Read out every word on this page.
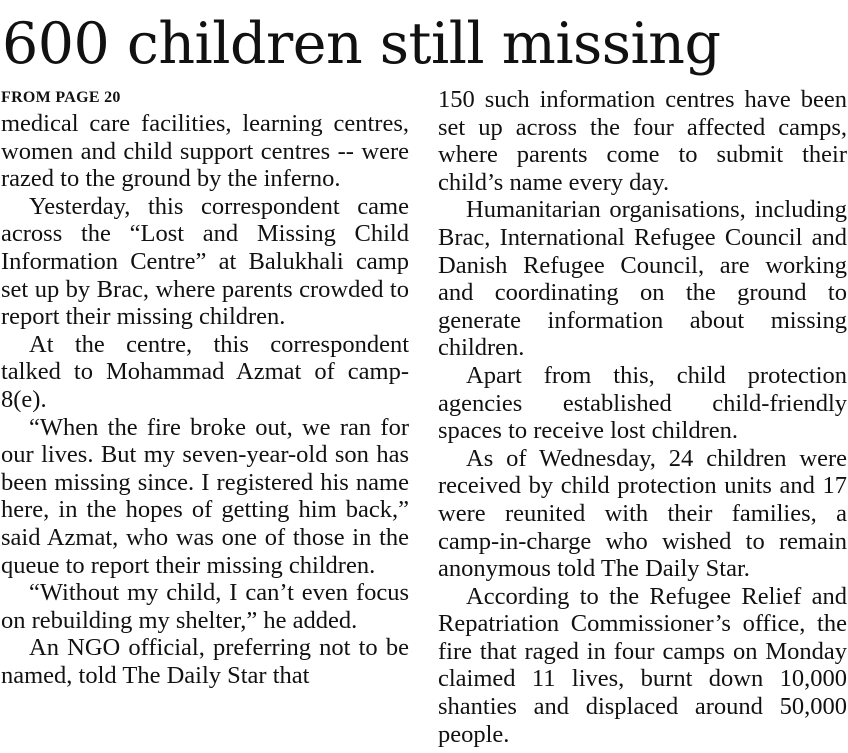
600 children still missing
FROM PAGE 20

medical care facilities, learning centres, women and child support centres -- were razed to the ground by the inferno.

Yesterday, this correspondent came across the “Lost and Missing Child Information Centre” at Balukhali camp set up by Brac, where parents crowded to report their missing children.

At the centre, this correspondent talked to Mohammad Azmat of camp-8(e).

“When the fire broke out, we ran for our lives. But my seven-year-old son has been missing since. I registered his name here, in the hopes of getting him back,” said Azmat, who was one of those in the queue to report their missing children.

“Without my child, I can’t even focus on rebuilding my shelter,” he added.

An NGO official, preferring not to be named, told The Daily Star that

150 such information centres have been set up across the four affected camps, where parents come to submit their child’s name every day.

Humanitarian organisations, including Brac, International Refugee Council and Danish Refugee Council, are working and coordinating on the ground to generate information about missing children.

Apart from this, child protection agencies established child-friendly spaces to receive lost children.

As of Wednesday, 24 children were received by child protection units and 17 were reunited with their families, a camp-in-charge who wished to remain anonymous told The Daily Star.

According to the Refugee Relief and Repatriation Commissioner’s office, the fire that raged in four camps on Monday claimed 11 lives, burnt down 10,000 shanties and displaced around 50,000 people.
